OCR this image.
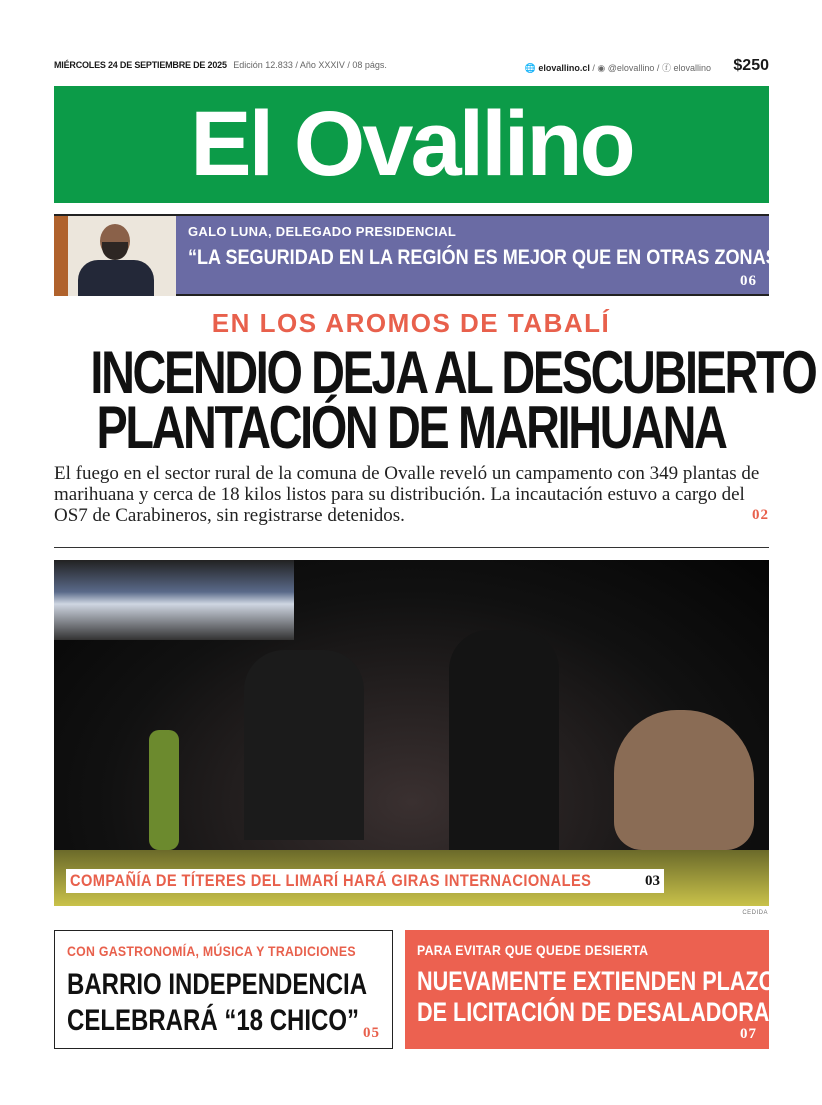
MIÉRCOLES 24 DE SEPTIEMBRE DE 2025 Edición 12.833 / Año XXXIV / 08 págs.	🌐 elovallino.cl / ◉ @elovallino / ⓕ elovallino $250
El Ovallino
GALO LUNA, DELEGADO PRESIDENCIAL
“LA SEGURIDAD EN LA REGIÓN ES MEJOR QUE EN OTRAS ZONAS”
06
EN LOS AROMOS DE TABALÍ
INCENDIO DEJA AL DESCUBIERTO
PLANTACIÓN DE MARIHUANA
El fuego en el sector rural de la comuna de Ovalle reveló un campamento con 349 plantas de marihuana y cerca de 18 kilos listos para su distribución. La incautación estuvo a cargo del OS7 de Carabineros, sin registrarse detenidos.	02
COMPAÑÍA DE TÍTERES DEL LIMARÍ HARÁ GIRAS INTERNACIONALES	03
CEDIDA
CON GASTRONOMÍA, MÚSICA Y TRADICIONES
BARRIO INDEPENDENCIA
CELEBRARÁ “18 CHICO” 05
PARA EVITAR QUE QUEDE DESIERTA
NUEVAMENTE EXTIENDEN PLAZO
DE LICITACIÓN DE DESALADORA
07
